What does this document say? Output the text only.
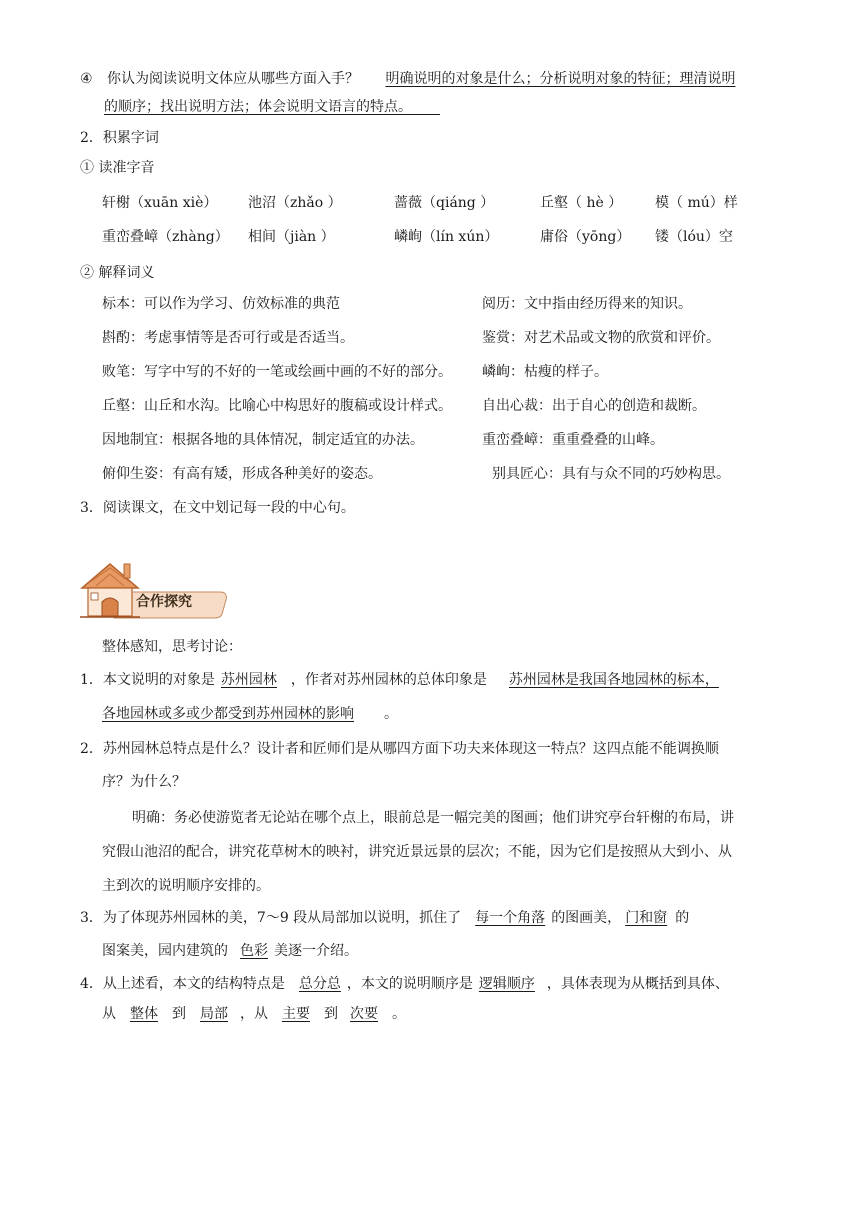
④ 你认为阅读说明文体应从哪些方面入手？ 明确说明的对象是什么；分析说明对象的特征；理清说明
的顺序；找出说明方法；体会说明文语言的特点。  
2．积累字词
① 读准字音
轩榭（xuān xiè）	池沼（zhǎo ）	蔷薇（qiáng ）	丘壑（ hè ）	模（ mú）样
重峦叠嶂（zhàng）	相间（jiàn ）	嶙峋（lín xún）	庸俗（yōng）	镂（lóu）空
② 解释词义
标本：可以作为学习、仿效标准的典范	阅历：文中指由经历得来的知识。
斟酌：考虑事情等是否可行或是否适当。	鉴赏：对艺术品或文物的欣赏和评价。
败笔：写字中写的不好的一笔或绘画中画的不好的部分。	嶙峋：枯瘦的样子。
丘壑：山丘和水沟。比喻心中构思好的腹稿或设计样式。	自出心裁：出于自心的创造和裁断。
因地制宜：根据各地的具体情况，制定适宜的办法。	重峦叠嶂：重重叠叠的山峰。
俯仰生姿：有高有矮，形成各种美好的姿态。	别具匠心：具有与众不同的巧妙构思。
3．阅读课文，在文中划记每一段的中心句。
合作探究
整体感知，思考讨论：
1．本文说明的对象是 苏州园林 ，作者对苏州园林的总体印象是 苏州园林是我国各地园林的标本，
各地园林或多或少都受到苏州园林的影响 。
2．苏州园林总特点是什么？设计者和匠师们是从哪四方面下功夫来体现这一特点？这四点能不能调换顺
序？为什么？
明确：务必使游览者无论站在哪个点上，眼前总是一幅完美的图画；他们讲究亭台轩榭的布局，讲
究假山池沼的配合，讲究花草树木的映衬，讲究近景远景的层次；不能，因为它们是按照从大到小、从
主到次的说明顺序安排的。
3．为了体现苏州园林的美，7～9 段从局部加以说明，抓住了 每一个角落 的图画美， 门和窗 的
图案美，园内建筑的 色彩 美逐一介绍。
4．从上述看，本文的结构特点是 总分总 ，本文的说明顺序是 逻辑顺序 ，具体表现为从概括到具体、
从 整体 到 局部 ，从 主要 到 次要 。
